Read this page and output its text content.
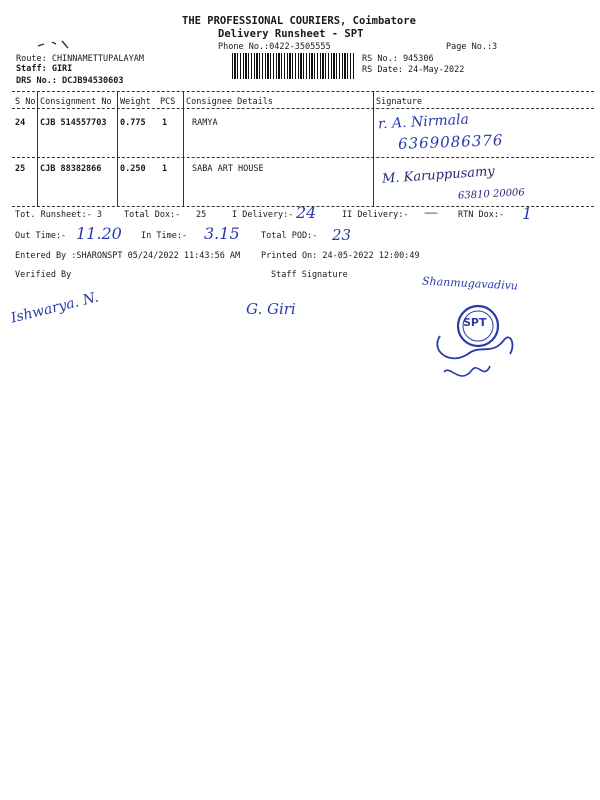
THE PROFESSIONAL COURIERS, Coimbatore
Delivery Runsheet - SPT
Phone No.:0422-3505555	Page No.:3
Route: CHINNAMETTUPALAYAM
Staff: GIRI
DRS No.: DCJB94530603
RS No.: 945306
RS Date: 24-May-2022
S No Consignment No Weight PCS Consignee Details	Signature
24 CJB 514557703 0.775 1	RAMYA	r. A. Nirmala
6369086376
25 CJB 88382866 0.250 1	SABA ART HOUSE	M. Karuppusamy
63810 20006
Tot. Runsheet:- 3	Total Dox:- 25	I Delivery:- 24	II Delivery:- — RTN Dox:- 1
Out Time:- 11.20 In Time:- 3.15	Total POD:- 23
Entered By :SHARONSPT 05/24/2022 11:43:56 AM Printed On: 24-05-2022 12:00:49
Verified By	Staff Signature
Ishwarya. N.	G. Giri
Shanmugavadivu
SPT
